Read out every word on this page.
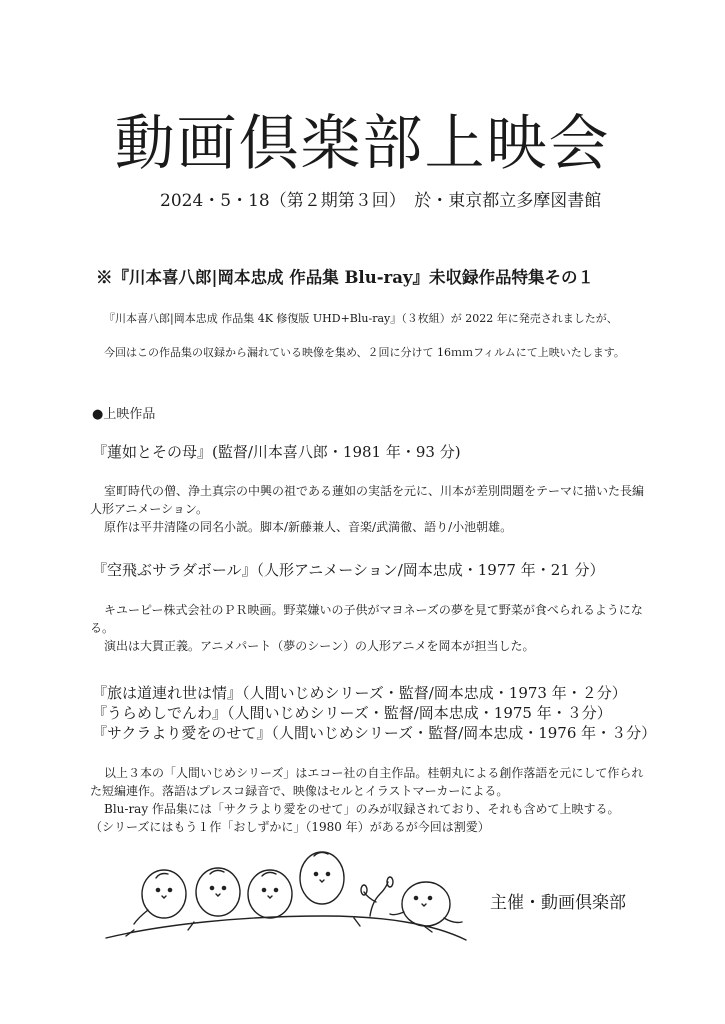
動画倶楽部上映会
2024・5・18（第２期第３回）　於・東京都立多摩図書館
※『川本喜八郎|岡本忠成 作品集 Blu-ray』未収録作品特集その１
『川本喜八郎|岡本忠成 作品集 4K 修復版 UHD+Blu-ray』（３枚組）が 2022 年に発売されましたが、
今回はこの作品集の収録から漏れている映像を集め、２回に分けて 16ｍｍフィルムにて上映いたします。
●上映作品
『蓮如とその母』(監督/川本喜八郎・1981 年・93 分)

室町時代の僧、浄土真宗の中興の祖である蓮如の実話を元に、川本が差別問題をテーマに描いた長編人形アニメーション。

原作は平井清隆の同名小説。脚本/新藤兼人、音楽/武満徹、語り/小池朝雄。

『空飛ぶサラダボール』（人形アニメーション/岡本忠成・1977 年・21 分）

キユーピー株式会社のＰＲ映画。野菜嫌いの子供がマヨネーズの夢を見て野菜が食べられるようになる。

演出は大貫正義。アニメパート（夢のシーン）の人形アニメを岡本が担当した。

『旅は道連れ世は情』（人間いじめシリーズ・監督/岡本忠成・1973 年・２分）
『うらめしでんわ』（人間いじめシリーズ・監督/岡本忠成・1975 年・３分）
『サクラより愛をのせて』（人間いじめシリーズ・監督/岡本忠成・1976 年・３分）

以上３本の「人間いじめシリーズ」はエコー社の自主作品。桂朝丸による創作落語を元にして作られた短編連作。落語はプレスコ録音で、映像はセルとイラストマーカーによる。

Blu-ray 作品集には「サクラより愛をのせて」のみが収録されており、それも含めて上映する。

（シリーズにはもう１作「おしずかに」（1980 年）があるが今回は割愛）

主催・動画倶楽部
